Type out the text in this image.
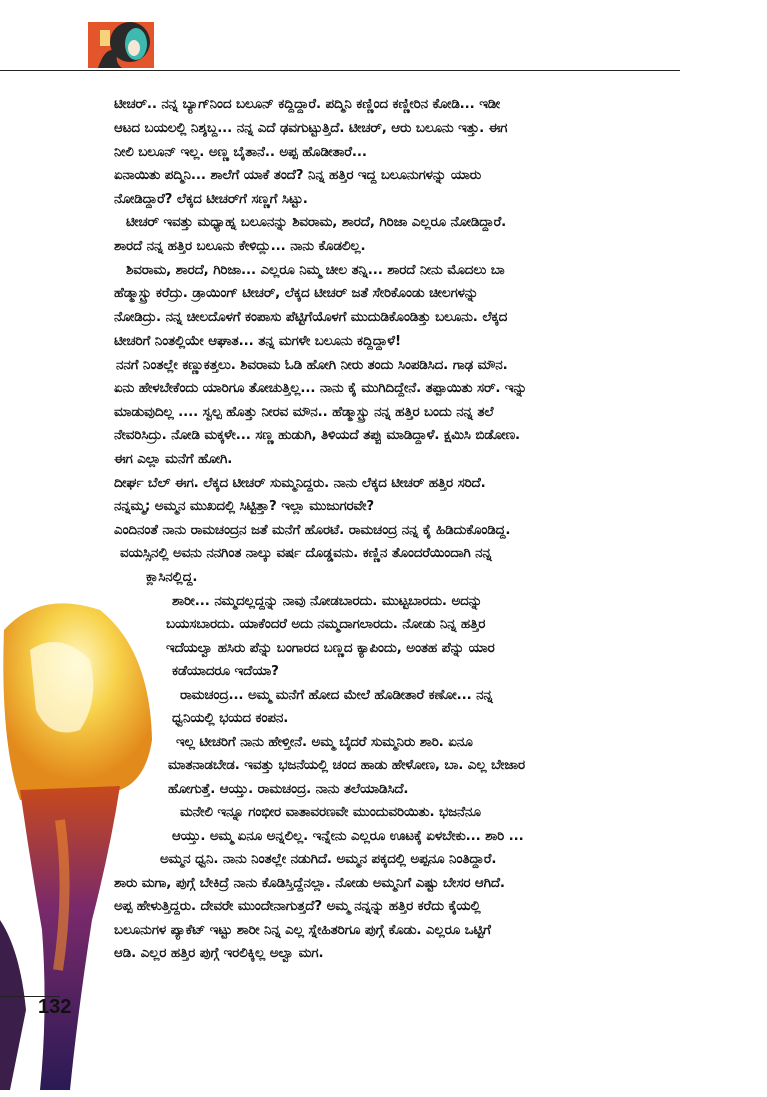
ಟೀಚರ್.. ನನ್ನ ಬ್ಯಾಗ್‌ನಿಂದ ಬಲೂನ್ ಕದ್ದಿದ್ದಾರೆ. ಪದ್ಮಿನಿ ಕಣ್ಣಿಂದ ಕಣ್ಣೀರಿನ ಕೋಡಿ... ಇಡೀ
ಆಟದ ಬಯಲಲ್ಲಿ ನಿಶ್ಶಬ್ದ... ನನ್ನ ಎದೆ ಢವಗುಟ್ಟುತ್ತಿದೆ. ಟೀಚರ್, ಆರು ಬಲೂನು ಇತ್ತು. ಈಗ
ನೀಲಿ ಬಲೂನ್ ಇಲ್ಲ. ಅಣ್ಣ ಬೈತಾನೆ.. ಅಪ್ಪ ಹೊಡೀತಾರೆ...
ಏನಾಯಿತು ಪದ್ಮಿನಿ... ಶಾಲೆಗೆ ಯಾಕೆ ತಂದೆ? ನಿನ್ನ ಹತ್ತಿರ ಇದ್ದ ಬಲೂನುಗಳನ್ನು ಯಾರು
ನೋಡಿದ್ದಾರೆ? ಲೆಕ್ಕದ ಟೀಚರ್‌ಗೆ ಸಣ್ಣಗೆ ಸಿಟ್ಟು.
ಟೀಚರ್ ಇವತ್ತು ಮಧ್ಯಾಹ್ನ ಬಲೂನನ್ನು ಶಿವರಾಮ, ಶಾರದೆ, ಗಿರಿಜಾ ಎಲ್ಲರೂ ನೋಡಿದ್ದಾರೆ.
ಶಾರದೆ ನನ್ನ ಹತ್ತಿರ ಬಲೂನು ಕೇಳಿದ್ಲು... ನಾನು ಕೊಡಲಿಲ್ಲ.
ಶಿವರಾಮ, ಶಾರದೆ, ಗಿರಿಜಾ... ಎಲ್ಲರೂ ನಿಮ್ಮ ಚೀಲ ತನ್ನಿ... ಶಾರದೆ ನೀನು ಮೊದಲು ಬಾ
ಹೆಡ್ಮಾಸ್ಟ್ರು ಕರೆದ್ರು. ಡ್ರಾಯಿಂಗ್ ಟೀಚರ್, ಲೆಕ್ಕದ ಟೀಚರ್ ಜತೆ ಸೇರಿಕೊಂಡು ಚೀಲಗಳನ್ನು
ನೋಡಿದ್ರು. ನನ್ನ ಚೀಲದೊಳಗೆ ಕಂಪಾಸು ಪೆಟ್ಟಿಗೆಯೊಳಗೆ ಮುದುಡಿಕೊಂಡಿತ್ತು ಬಲೂನು. ಲೆಕ್ಕದ
ಟೀಚರಿಗೆ ನಿಂತಲ್ಲಿಯೇ ಆಘಾತ... ತನ್ನ ಮಗಳೇ ಬಲೂನು ಕದ್ದಿದ್ದಾಳೆ!
ನನಗೆ ನಿಂತಲ್ಲೇ ಕಣ್ಣುಕತ್ತಲು. ಶಿವರಾಮ ಓಡಿ ಹೋಗಿ ನೀರು ತಂದು ಸಿಂಪಡಿಸಿದ. ಗಾಢ ಮೌನ.
ಏನು ಹೇಳಬೇಕೆಂದು ಯಾರಿಗೂ ತೋಚುತ್ತಿಲ್ಲ... ನಾನು ಕೈ ಮುಗಿದಿದ್ದೇನೆ. ತಪ್ಪಾಯಿತು ಸರ್. ಇನ್ನು
ಮಾಡುವುದಿಲ್ಲ .... ಸ್ವಲ್ಪ ಹೊತ್ತು ನೀರವ ಮೌನ.. ಹೆಡ್ಮಾಸ್ಟ್ರು ನನ್ನ ಹತ್ತಿರ ಬಂದು ನನ್ನ ತಲೆ
ನೇವರಿಸಿದ್ರು. ನೋಡಿ ಮಕ್ಕಳೇ... ಸಣ್ಣ ಹುಡುಗಿ, ತಿಳಿಯದೆ ತಪ್ಪು ಮಾಡಿದ್ದಾಳೆ. ಕ್ಷಮಿಸಿ ಬಿಡೋಣ.
ಈಗ ಎಲ್ಲಾ ಮನೆಗೆ ಹೋಗಿ.
ದೀರ್ಘ ಬೆಲ್ ಈಗ. ಲೆಕ್ಕದ ಟೀಚರ್ ಸುಮ್ಮನಿದ್ದರು. ನಾನು ಲೆಕ್ಕದ ಟೀಚರ್ ಹತ್ತಿರ ಸರಿದೆ.
ನನ್ನಮ್ಮ; ಅಮ್ಮನ ಮುಖದಲ್ಲಿ ಸಿಟ್ಟಿತ್ತಾ? ಇಲ್ಲಾ ಮುಜುಗರವೇ?
ಎಂದಿನಂತೆ ನಾನು ರಾಮಚಂದ್ರನ ಜತೆ ಮನೆಗೆ ಹೊರಟೆ. ರಾಮಚಂದ್ರ ನನ್ನ ಕೈ ಹಿಡಿದುಕೊಂಡಿದ್ದ.
ವಯಸ್ಸಿನಲ್ಲಿ ಅವನು ನನಗಿಂತ ನಾಲ್ಕು ವರ್ಷ ದೊಡ್ಡವನು. ಕಣ್ಣಿನ ತೊಂದರೆಯಿಂದಾಗಿ ನನ್ನ
ಕ್ಲಾಸಿನಲ್ಲಿದ್ದ.
ಶಾರೀ... ನಮ್ಮದಲ್ಲದ್ದನ್ನು ನಾವು ನೋಡಬಾರದು. ಮುಟ್ಟಬಾರದು. ಅದನ್ನು
ಬಯಸಬಾರದು. ಯಾಕೆಂದರೆ ಅದು ನಮ್ಮದಾಗಲಾರದು. ನೋಡು ನಿನ್ನ ಹತ್ತಿರ
ಇದೆಯಲ್ವಾ ಹಸಿರು ಪೆನ್ನು ಬಂಗಾರದ ಬಣ್ಣದ ಕ್ಯಾಪಿಂದು, ಅಂತಹ ಪೆನ್ನು ಯಾರ
ಕಡೆಯಾದರೂ ಇದೆಯಾ?
ರಾಮಚಂದ್ರ... ಅಮ್ಮ ಮನೆಗೆ ಹೋದ ಮೇಲೆ ಹೊಡೀತಾರೆ ಕಣೋ... ನನ್ನ
ಧ್ವನಿಯಲ್ಲಿ ಭಯದ ಕಂಪನ.
ಇಲ್ಲ ಟೀಚರಿಗೆ ನಾನು ಹೇಳ್ತೀನೆ. ಅಮ್ಮ ಬೈದರೆ ಸುಮ್ಮನಿರು ಶಾರಿ. ಏನೂ
ಮಾತನಾಡಬೇಡ. ಇವತ್ತು ಭಜನೆಯಲ್ಲಿ ಚಂದ ಹಾಡು ಹೇಳೋಣ, ಬಾ. ಎಲ್ಲ ಬೇಜಾರ
ಹೋಗುತ್ತೆ. ಆಯ್ತು. ರಾಮಚಂದ್ರ. ನಾನು ತಲೆಯಾಡಿಸಿದೆ.
ಮನೇಲಿ ಇನ್ನೂ ಗಂಭೀರ ವಾತಾವರಣವೇ ಮುಂದುವರಿಯಿತು. ಭಜನೆನೂ
ಆಯ್ತು. ಅಮ್ಮ ಏನೂ ಅನ್ನಲಿಲ್ಲ. ಇನ್ನೇನು ಎಲ್ಲರೂ ಊಟಕ್ಕೆ ಏಳಬೇಕು... ಶಾರಿ ...
ಅಮ್ಮನ ಧ್ವನಿ. ನಾನು ನಿಂತಲ್ಲೇ ನಡುಗಿದೆ. ಅಮ್ಮನ ಪಕ್ಕದಲ್ಲಿ ಅಪ್ಪನೂ ನಿಂತಿದ್ದಾರೆ.
ಶಾರು ಮಗಾ, ಪುಗ್ಗೆ ಬೇಕಿದ್ರೆ ನಾನು ಕೊಡಿಸ್ತಿದ್ದೆನಲ್ಲಾ. ನೋಡು ಅಮ್ಮನಿಗೆ ಎಷ್ಟು ಬೇಸರ ಆಗಿದೆ.
ಅಪ್ಪ ಹೇಳುತ್ತಿದ್ದರು. ದೇವರೇ ಮುಂದೇನಾಗುತ್ತದೆ? ಅಮ್ಮ ನನ್ನನ್ನು ಹತ್ತಿರ ಕರೆದು ಕೈಯಲ್ಲಿ
ಬಲೂನುಗಳ ಪ್ಯಾಕೆಟ್ ಇಟ್ಟು ಶಾರೀ ನಿನ್ನ ಎಲ್ಲ ಸ್ನೇಹಿತರಿಗೂ ಪುಗ್ಗೆ ಕೊಡು. ಎಲ್ಲರೂ ಒಟ್ಟಿಗೆ
ಆಡಿ. ಎಲ್ಲರ ಹತ್ತಿರ ಪುಗ್ಗೆ ಇರಲಿಕ್ಕಿಲ್ಲ ಅಲ್ವಾ ಮಗ.
132
